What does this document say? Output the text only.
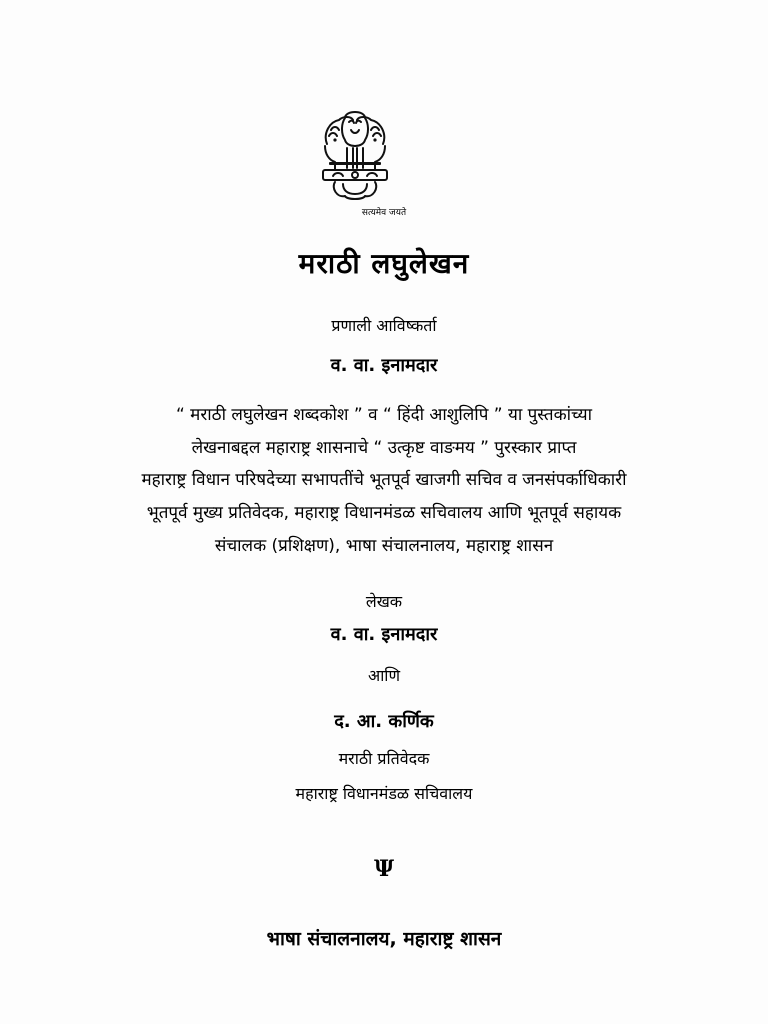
सत्यमेव जयते
मराठी लघुलेखन
प्रणाली आविष्कर्ता
व. वा. इनामदार
“ मराठी लघुलेखन शब्दकोश ” व “ हिंदी आशुलिपि ” या पुस्तकांच्या
लेखनाबद्दल महाराष्ट्र शासनाचे “ उत्कृष्ट वाङमय ” पुरस्कार प्राप्त
महाराष्ट्र विधान परिषदेच्या सभापतींचे भूतपूर्व खाजगी सचिव व जनसंपर्काधिकारी
भूतपूर्व मुख्य प्रतिवेदक, महाराष्ट्र विधानमंडळ सचिवालय आणि भूतपूर्व सहायक
संचालक (प्रशिक्षण), भाषा संचालनालय, महाराष्ट्र शासन
लेखक
व. वा. इनामदार
आणि
द. आ. कर्णिक
मराठी प्रतिवेदक
महाराष्ट्र विधानमंडळ सचिवालय
Ψ
भाषा संचालनालय, महाराष्ट्र शासन
